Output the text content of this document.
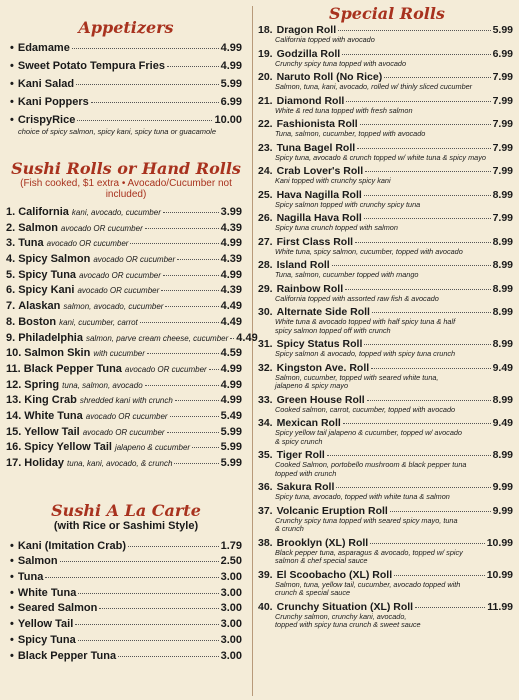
Appetizers
• Edamame	4.99
• Sweet Potato Tempura Fries	4.99
• Kani Salad	5.99
• Kani Poppers	6.99
• CrispyRice	10.00
choice of spicy salmon, spicy kani, spicy tuna or guacamole
Sushi Rolls or Hand Rolls
(Fish cooked, $1 extra • Avocado/Cucumber not included)
1. California kani, avocado, cucumber	3.99
2. Salmon avocado OR cucumber	4.39
3. Tuna avocado OR cucumber	4.99
4. Spicy Salmon avocado OR cucumber	4.39
5. Spicy Tuna avocado OR cucumber	4.99
6. Spicy Kani avocado OR cucumber	4.39
7. Alaskan salmon, avocado, cucumber	4.49
8. Boston kani, cucumber, carrot	4.49
9. Philadelphia salmon, parve cream cheese, cucumber 4.49
10. Salmon Skin with cucumber	4.59
11. Black Pepper Tuna avocado OR cucumber 4.99
12. Spring tuna, salmon, avocado	4.99
13. King Crab shredded kani with crunch	4.99
14. White Tuna avocado OR cucumber	5.49
15. Yellow Tail avocado OR cucumber	5.99
16. Spicy Yellow Tail jalapeno & cucumber	5.99
17. Holiday tuna, kani, avocado, & crunch	5.99
Sushi A La Carte
(with Rice or Sashimi Style)
• Kani (Imitation Crab)	1.79
• Salmon	2.50
• Tuna	3.00
• White Tuna	3.00
• Seared Salmon	3.00
• Yellow Tail	3.00
• Spicy Tuna	3.00
• Black Pepper Tuna	3.00
Special Rolls
18. Dragon Roll	5.99
California topped with avocado
19. Godzilla Roll	6.99
Crunchy spicy tuna topped with avocado
20. Naruto Roll (No Rice)	7.99
Salmon, tuna, kani, avocado, rolled w/ thinly sliced cucumber
21. Diamond Roll	7.99
White & red tuna topped with fresh salmon
22. Fashionista Roll	7.99
Tuna, salmon, cucumber, topped with avocado
23. Tuna Bagel Roll	7.99
Spicy tuna, avocado & crunch topped w/ white tuna & spicy mayo
24. Crab Lover's Roll	7.99
Kani topped with crunchy spicy kani
25. Hava Nagilla Roll	8.99
Spicy salmon topped with crunchy spicy tuna
26. Nagilla Hava Roll	7.99
Spicy tuna crunch topped with salmon
27. First Class Roll	8.99
White tuna, spicy salmon, cucumber, topped with avocado
28. Island Roll	8.99
Tuna, salmon, cucumber topped with mango
29. Rainbow Roll	8.99
California topped with assorted raw fish & avocado
30. Alternate Side Roll	8.99
White tuna & avocado topped with half spicy tuna & half
spicy salmon topped off with crunch
31. Spicy Status Roll	8.99
Spicy salmon & avocado, topped with spicy tuna crunch
32. Kingston Ave. Roll	9.49
Salmon, cucumber, topped with seared white tuna,
jalapeno & spicy mayo
33. Green House Roll	8.99
Cooked salmon, carrot, cucumber, topped with avocado
34. Mexican Roll	9.49
Spicy yellow tail jalapeno & cucumber, topped w/ avocado
& spicy crunch
35. Tiger Roll	8.99
Cooked Salmon, portobello mushroom & black pepper tuna
topped with crunch
36. Sakura Roll	9.99
Spicy tuna, avocado, topped with white tuna & salmon
37. Volcanic Eruption Roll	9.99
Crunchy spicy tuna topped with seared spicy mayo, tuna
& crunch
38. Brooklyn (XL) Roll	10.99
Black pepper tuna, asparagus & avocado, topped w/ spicy
salmon & chef special sauce
39. El Scoobacho (XL) Roll	10.99
Salmon, tuna, yellow tail, cucumber, avocado topped with
crunch & special sauce
40. Crunchy Situation (XL) Roll	11.99
Crunchy salmon, crunchy kani, avocado,
topped with spicy tuna crunch & sweet sauce
